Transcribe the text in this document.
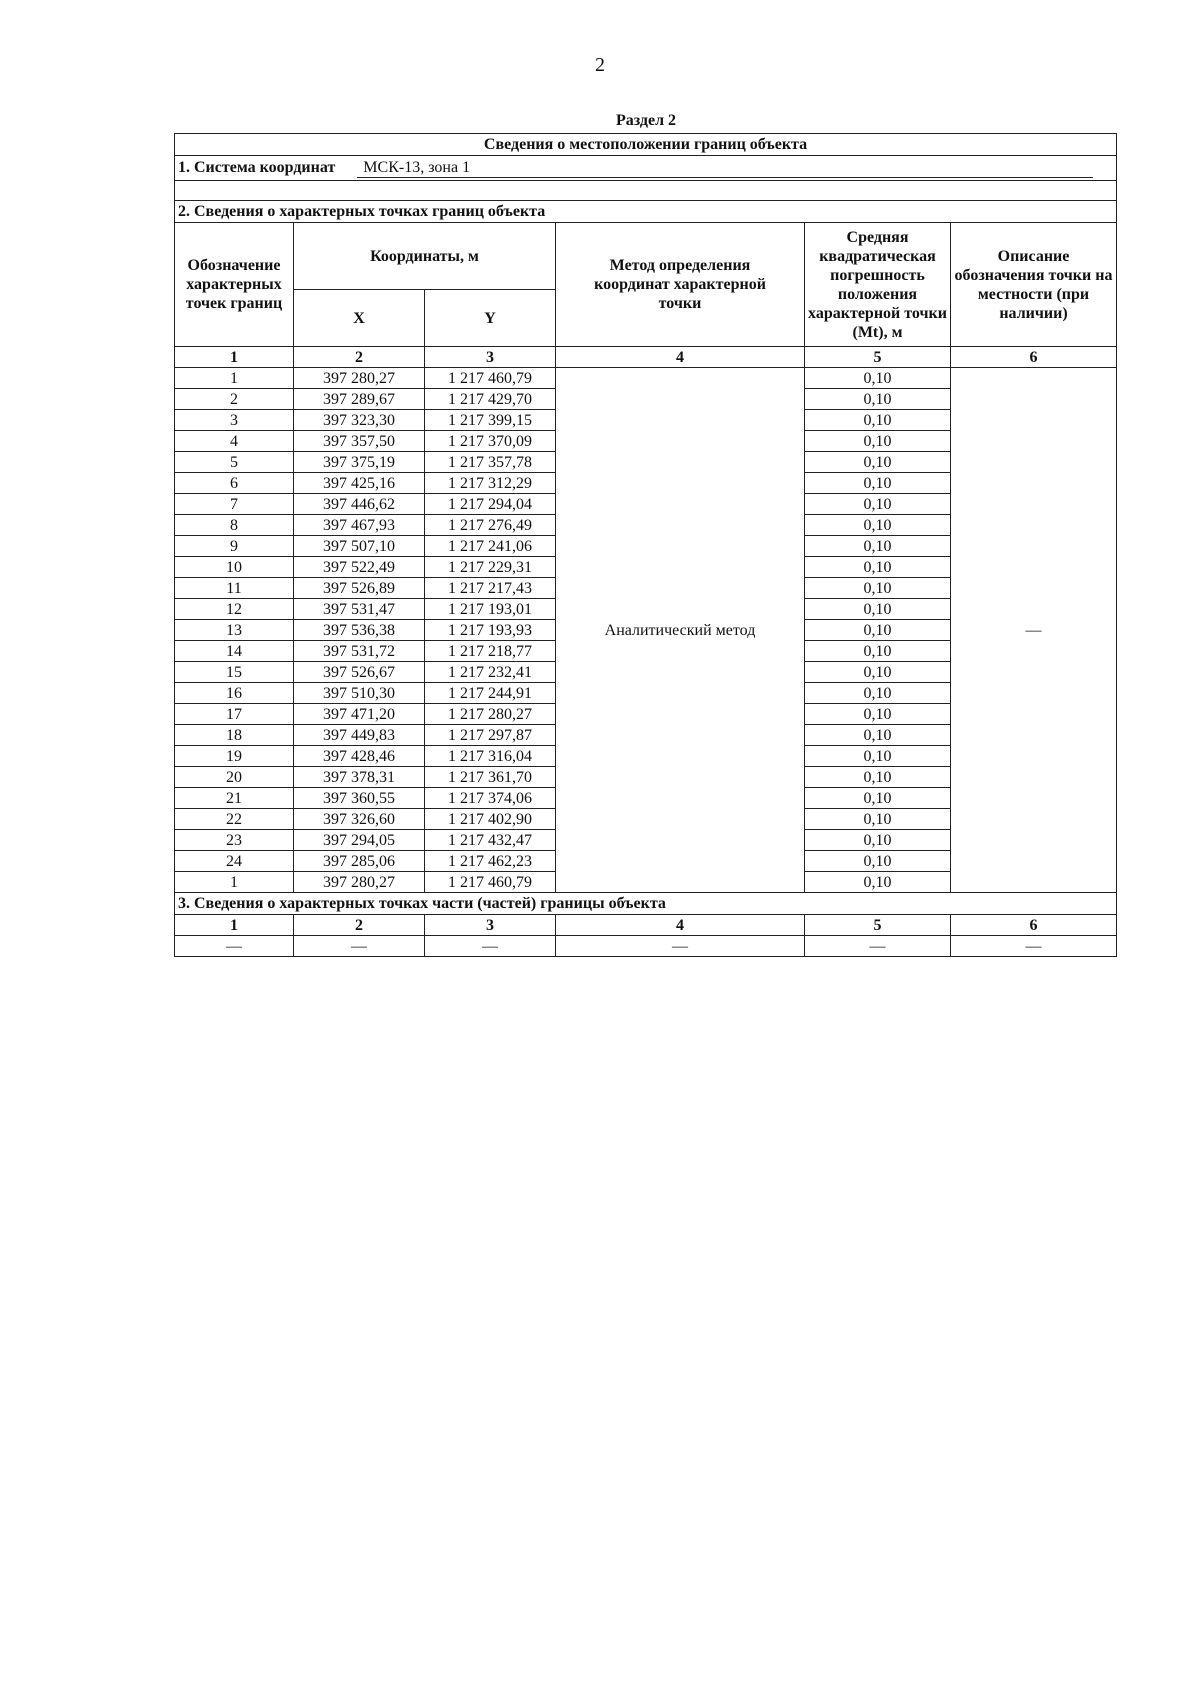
2
Раздел 2
Сведения о местоположении границ объекта					
1. Система координат МСК-13, зона 1					

2. Сведения о характерных точках границ объекта					
Обозначение характерных точек границ	Координаты, м		Метод определения координат характерной точки	Средняя квадратическая погрешность положения характерной точки (Mt), м	Описание обозначения точки на местности (при наличии)
	X	Y			
1	2	3	4	5	6
1	397 280,27	1 217 460,79	Аналитический метод	0,10	—
2	397 289,67	1 217 429,70		0,10	
3	397 323,30	1 217 399,15		0,10	
4	397 357,50	1 217 370,09		0,10	
5	397 375,19	1 217 357,78		0,10	
6	397 425,16	1 217 312,29		0,10	
7	397 446,62	1 217 294,04		0,10	
8	397 467,93	1 217 276,49		0,10	
9	397 507,10	1 217 241,06		0,10	
10	397 522,49	1 217 229,31		0,10	
11	397 526,89	1 217 217,43		0,10	
12	397 531,47	1 217 193,01		0,10	
13	397 536,38	1 217 193,93		0,10	
14	397 531,72	1 217 218,77		0,10	
15	397 526,67	1 217 232,41		0,10	
16	397 510,30	1 217 244,91		0,10	
17	397 471,20	1 217 280,27		0,10	
18	397 449,83	1 217 297,87		0,10	
19	397 428,46	1 217 316,04		0,10	
20	397 378,31	1 217 361,70		0,10	
21	397 360,55	1 217 374,06		0,10	
22	397 326,60	1 217 402,90		0,10	
23	397 294,05	1 217 432,47		0,10	
24	397 285,06	1 217 462,23		0,10	
1	397 280,27	1 217 460,79		0,10	
3. Сведения о характерных точках части (частей) границы объекта					
1	2	3	4	5	6
—	—	—	—	—	—
